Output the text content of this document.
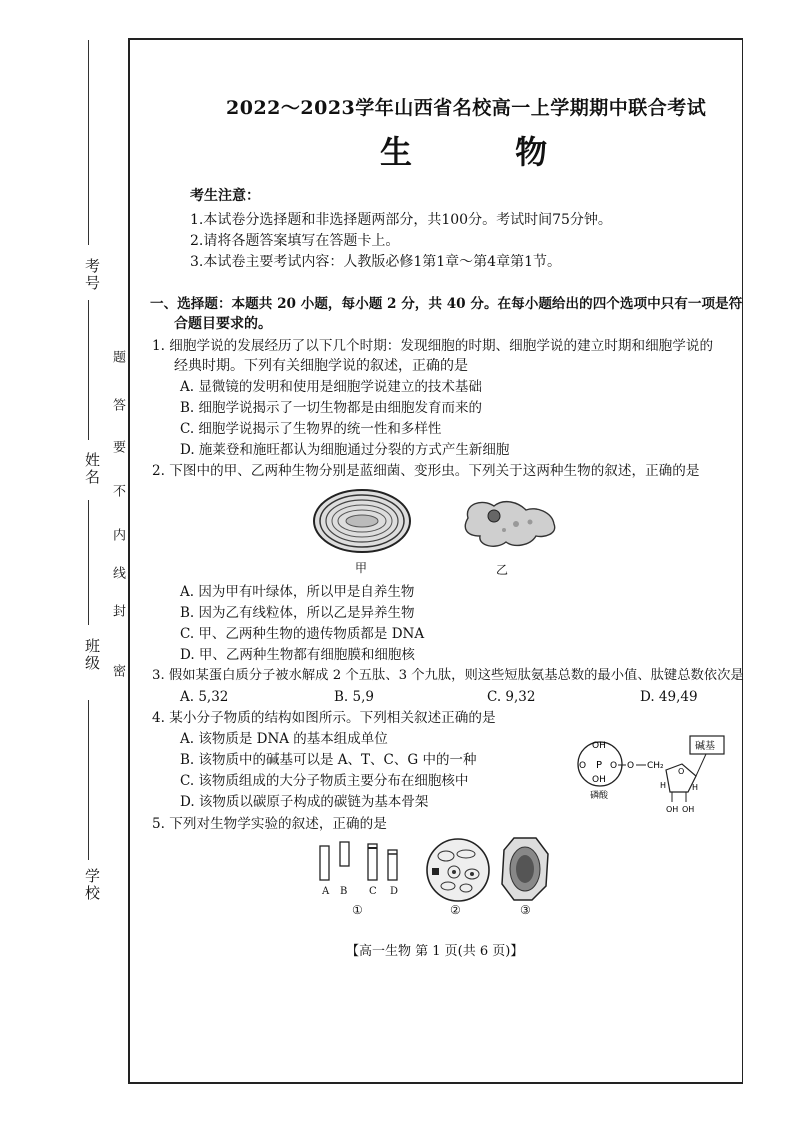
考号
姓名
班级
学校
密
封
线
内
不
要
答
题
2022～2023学年山西省名校高一上学期期中联合考试
生 物
考生注意：
1.本试卷分选择题和非选择题两部分，共100分。考试时间75分钟。
2.请将各题答案填写在答题卡上。
3.本试卷主要考试内容：人教版必修1第1章～第4章第1节。
一、选择题：本题共 20 小题，每小题 2 分，共 40 分。在每小题给出的四个选项中只有一项是符
合题目要求的。
1. 细胞学说的发展经历了以下几个时期：发现细胞的时期、细胞学说的建立时期和细胞学说的
经典时期。下列有关细胞学说的叙述，正确的是
A. 显微镜的发明和使用是细胞学说建立的技术基础
B. 细胞学说揭示了一切生物都是由细胞发育而来的
C. 细胞学说揭示了生物界的统一性和多样性
D. 施莱登和施旺都认为细胞通过分裂的方式产生新细胞
2. 下图中的甲、乙两种生物分别是蓝细菌、变形虫。下列关于这两种生物的叙述，正确的是
甲	乙
A. 因为甲有叶绿体，所以甲是自养生物
B. 因为乙有线粒体，所以乙是异养生物
C. 甲、乙两种生物的遗传物质都是 DNA
D. 甲、乙两种生物都有细胞膜和细胞核
3. 假如某蛋白质分子被水解成 2 个五肽、3 个九肽，则这些短肽氨基总数的最小值、肽键总数依次是
A. 5,32	B. 5,9	C. 9,32	D. 49,49
4. 某小分子物质的结构如图所示。下列相关叙述正确的是
A. 该物质是 DNA 的基本组成单位
B. 该物质中的碱基可以是 A、T、C、G 中的一种
C. 该物质组成的大分子物质主要分布在细胞核中
D. 该物质以碳原子构成的碳链为基本骨架
OH
O P O
OH
磷酸
O CH₂
O
碱基
H	H
OH OH
5. 下列对生物学实验的叙述，正确的是
A B C D
①	②	③
【高一生物 第 1 页(共 6 页)】
